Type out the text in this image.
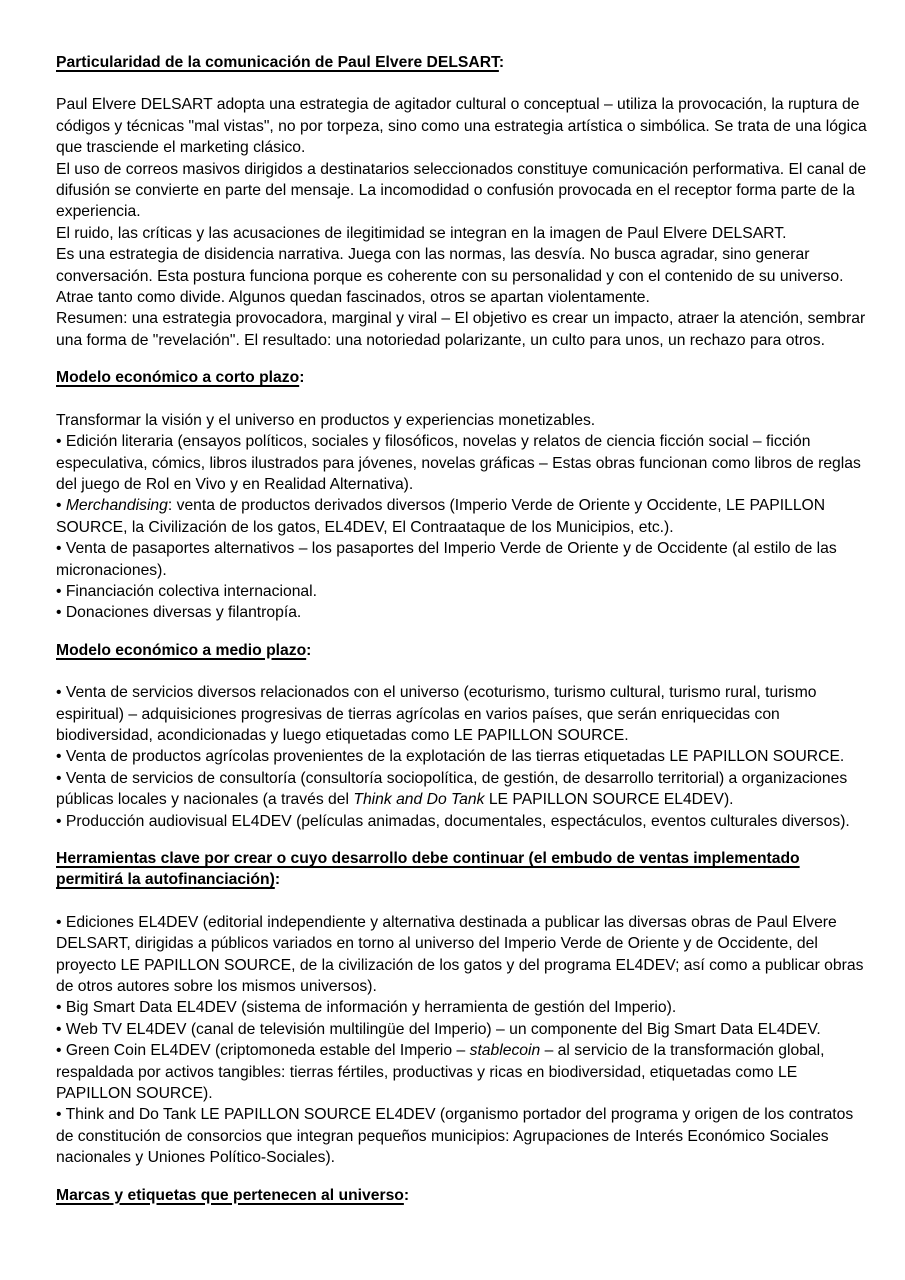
Particularidad de la comunicación de Paul Elvere DELSART:

Paul Elvere DELSART adopta una estrategia de agitador cultural o conceptual – utiliza la provocación, la ruptura de códigos y técnicas "mal vistas", no por torpeza, sino como una estrategia artística o simbólica. Se trata de una lógica que trasciende el marketing clásico.

El uso de correos masivos dirigidos a destinatarios seleccionados constituye comunicación performativa. El canal de difusión se convierte en parte del mensaje. La incomodidad o confusión provocada en el receptor forma parte de la experiencia.

El ruido, las críticas y las acusaciones de ilegitimidad se integran en la imagen de Paul Elvere DELSART.

Es una estrategia de disidencia narrativa. Juega con las normas, las desvía. No busca agradar, sino generar conversación. Esta postura funciona porque es coherente con su personalidad y con el contenido de su universo. Atrae tanto como divide. Algunos quedan fascinados, otros se apartan violentamente.

Resumen: una estrategia provocadora, marginal y viral – El objetivo es crear un impacto, atraer la atención, sembrar una forma de "revelación". El resultado: una notoriedad polarizante, un culto para unos, un rechazo para otros.

Modelo económico a corto plazo:

Transformar la visión y el universo en productos y experiencias monetizables.

• Edición literaria (ensayos políticos, sociales y filosóficos, novelas y relatos de ciencia ficción social – ficción especulativa, cómics, libros ilustrados para jóvenes, novelas gráficas – Estas obras funcionan como libros de reglas del juego de Rol en Vivo y en Realidad Alternativa).

• Merchandising: venta de productos derivados diversos (Imperio Verde de Oriente y Occidente, LE PAPILLON SOURCE, la Civilización de los gatos, EL4DEV, El Contraataque de los Municipios, etc.).

• Venta de pasaportes alternativos – los pasaportes del Imperio Verde de Oriente y de Occidente (al estilo de las micronaciones).

• Financiación colectiva internacional.

• Donaciones diversas y filantropía.

Modelo económico a medio plazo:

• Venta de servicios diversos relacionados con el universo (ecoturismo, turismo cultural, turismo rural, turismo espiritual) – adquisiciones progresivas de tierras agrícolas en varios países, que serán enriquecidas con biodiversidad, acondicionadas y luego etiquetadas como LE PAPILLON SOURCE.

• Venta de productos agrícolas provenientes de la explotación de las tierras etiquetadas LE PAPILLON SOURCE.

• Venta de servicios de consultoría (consultoría sociopolítica, de gestión, de desarrollo territorial) a organizaciones públicas locales y nacionales (a través del Think and Do Tank LE PAPILLON SOURCE EL4DEV).

• Producción audiovisual EL4DEV (películas animadas, documentales, espectáculos, eventos culturales diversos).

Herramientas clave por crear o cuyo desarrollo debe continuar (el embudo de ventas implementado permitirá la autofinanciación):

• Ediciones EL4DEV (editorial independiente y alternativa destinada a publicar las diversas obras de Paul Elvere DELSART, dirigidas a públicos variados en torno al universo del Imperio Verde de Oriente y de Occidente, del proyecto LE PAPILLON SOURCE, de la civilización de los gatos y del programa EL4DEV; así como a publicar obras de otros autores sobre los mismos universos).

• Big Smart Data EL4DEV (sistema de información y herramienta de gestión del Imperio).

• Web TV EL4DEV (canal de televisión multilingüe del Imperio) – un componente del Big Smart Data EL4DEV.

• Green Coin EL4DEV (criptomoneda estable del Imperio – stablecoin – al servicio de la transformación global, respaldada por activos tangibles: tierras fértiles, productivas y ricas en biodiversidad, etiquetadas como LE PAPILLON SOURCE).

• Think and Do Tank LE PAPILLON SOURCE EL4DEV (organismo portador del programa y origen de los contratos de constitución de consorcios que integran pequeños municipios: Agrupaciones de Interés Económico Sociales nacionales y Uniones Político-Sociales).

Marcas y etiquetas que pertenecen al universo:
